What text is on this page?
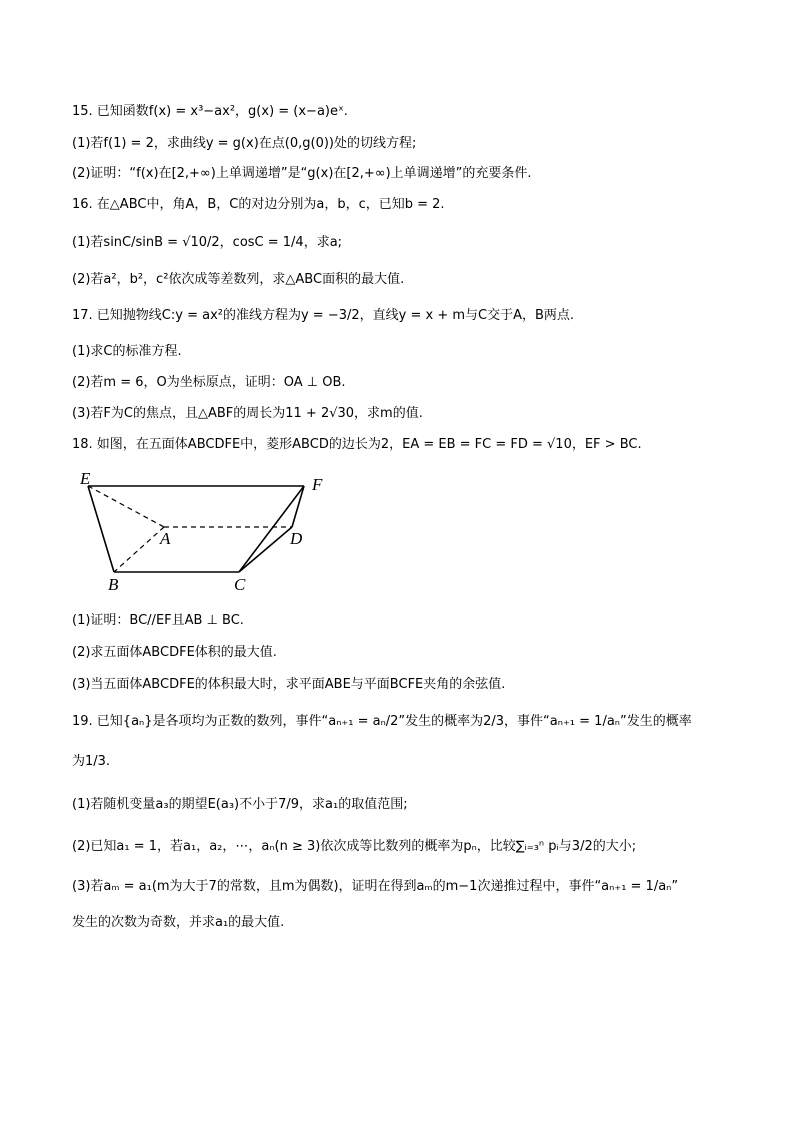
15. 已知函数f(x) = x³−ax²，g(x) = (x−a)eˣ.
(1)若f(1) = 2，求曲线y = g(x)在点(0,g(0))处的切线方程;
(2)证明：“f(x)在[2,+∞)上单调递增”是“g(x)在[2,+∞)上单调递增”的充要条件.
16. 在△ABC中，角A，B，C的对边分别为a，b，c，已知b = 2.
(1)若sinC/sinB = √10/2，cosC = 1/4，求a;
(2)若a²，b²，c²依次成等差数列，求△ABC面积的最大值.
17. 已知抛物线C:y = ax²的准线方程为y = −3/2，直线y = x + m与C交于A，B两点.
(1)求C的标准方程.
(2)若m = 6，O为坐标原点，证明：OA ⊥ OB.
(3)若F为C的焦点，且△ABF的周长为11 + 2√30，求m的值.
18. 如图，在五面体ABCDFE中，菱形ABCD的边长为2，EA = EB = FC = FD = √10，EF > BC.
E	F
A	D
B	C
(1)证明：BC//EF且AB ⊥ BC.
(2)求五面体ABCDFE体积的最大值.
(3)当五面体ABCDFE的体积最大时，求平面ABE与平面BCFE夹角的余弦值.
19. 已知{aₙ}是各项均为正数的数列，事件“aₙ₊₁ = aₙ/2”发生的概率为2/3，事件“aₙ₊₁ = 1/aₙ”发生的概率
为1/3.
(1)若随机变量a₃的期望E(a₃)不小于7/9，求a₁的取值范围;
(2)已知a₁ = 1，若a₁，a₂，⋯，aₙ(n ≥ 3)依次成等比数列的概率为pₙ，比较∑ᵢ₌₃ⁿ pᵢ与3/2的大小;
(3)若aₘ = a₁(m为大于7的常数，且m为偶数)，证明在得到aₘ的m−1次递推过程中，事件“aₙ₊₁ = 1/aₙ”
发生的次数为奇数，并求a₁的最大值.
